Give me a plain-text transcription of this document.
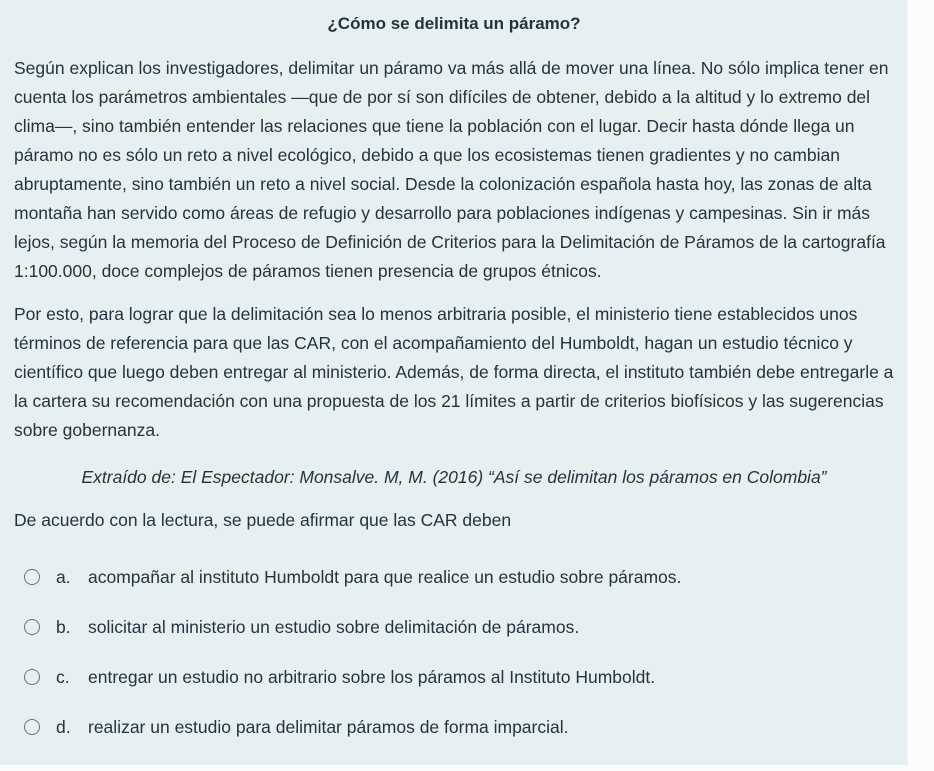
¿Cómo se delimita un páramo?

Según explican los investigadores, delimitar un páramo va más allá de mover una línea. No sólo implica tener en cuenta los parámetros ambientales —que de por sí son difíciles de obtener, debido a la altitud y lo extremo del clima—, sino también entender las relaciones que tiene la población con el lugar. Decir hasta dónde llega un páramo no es sólo un reto a nivel ecológico, debido a que los ecosistemas tienen gradientes y no cambian abruptamente, sino también un reto a nivel social. Desde la colonización española hasta hoy, las zonas de alta montaña han servido como áreas de refugio y desarrollo para poblaciones indígenas y campesinas. Sin ir más lejos, según la memoria del Proceso de Definición de Criterios para la Delimitación de Páramos de la cartografía 1:100.000, doce complejos de páramos tienen presencia de grupos étnicos.

Por esto, para lograr que la delimitación sea lo menos arbitraria posible, el ministerio tiene establecidos unos términos de referencia para que las CAR, con el acompañamiento del Humboldt, hagan un estudio técnico y científico que luego deben entregar al ministerio. Además, de forma directa, el instituto también debe entregarle a la cartera su recomendación con una propuesta de los 21 límites a partir de criterios biofísicos y las sugerencias sobre gobernanza.

Extraído de: El Espectador: Monsalve. M, M. (2016) “Así se delimitan los páramos en Colombia”
De acuerdo con la lectura, se puede afirmar que las CAR deben
a. acompañar al instituto Humboldt para que realice un estudio sobre páramos.
b. solicitar al ministerio un estudio sobre delimitación de páramos.
c.	entregar un estudio no arbitrario sobre los páramos al Instituto Humboldt.
d. realizar un estudio para delimitar páramos de forma imparcial.
